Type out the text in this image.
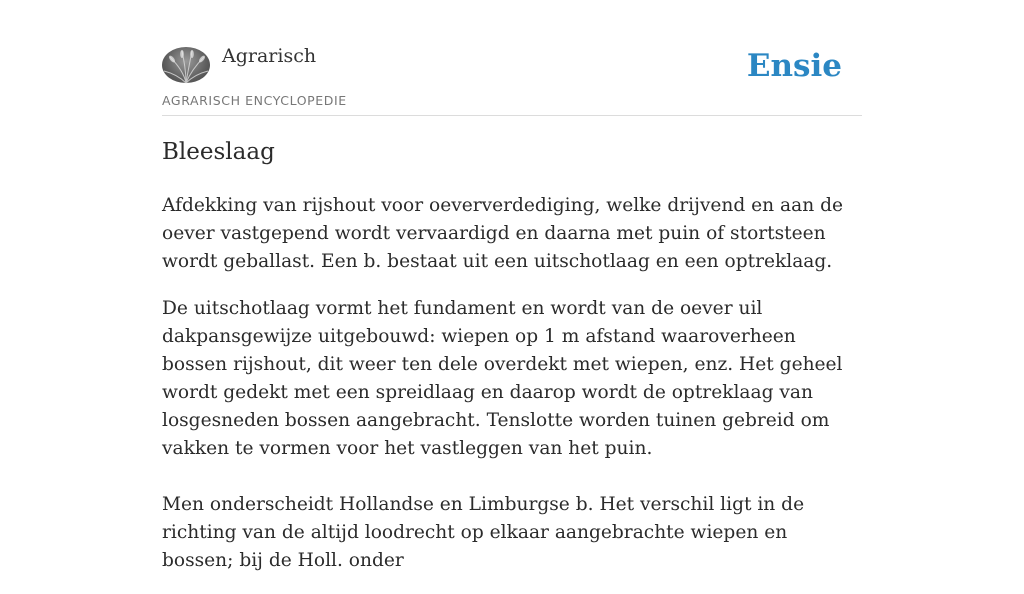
Agrarisch
AGRARISCH ENCYCLOPEDIE
Ensie
Bleeslaag

Afdekking van rijshout voor oeververdediging, welke drijvend en aan de oever vastgepend wordt vervaardigd en daarna met puin of stortsteen wordt geballast. Een b. bestaat uit een uitschotlaag en een optreklaag.

De uitschotlaag vormt het fundament en wordt van de oever uil dakpansgewijze uitgebouwd: wiepen op 1 m afstand waaroverheen bossen rijshout, dit weer ten dele overdekt met wiepen, enz. Het geheel wordt gedekt met een spreidlaag en daarop wordt de optreklaag van losgesneden bossen aangebracht. Tenslotte worden tuinen gebreid om vakken te vormen voor het vastleggen van het puin.

Men onderscheidt Hollandse en Limburgse b. Het verschil ligt in de richting van de altijd loodrecht op elkaar aangebrachte wiepen en bossen; bij de Holl. onder
